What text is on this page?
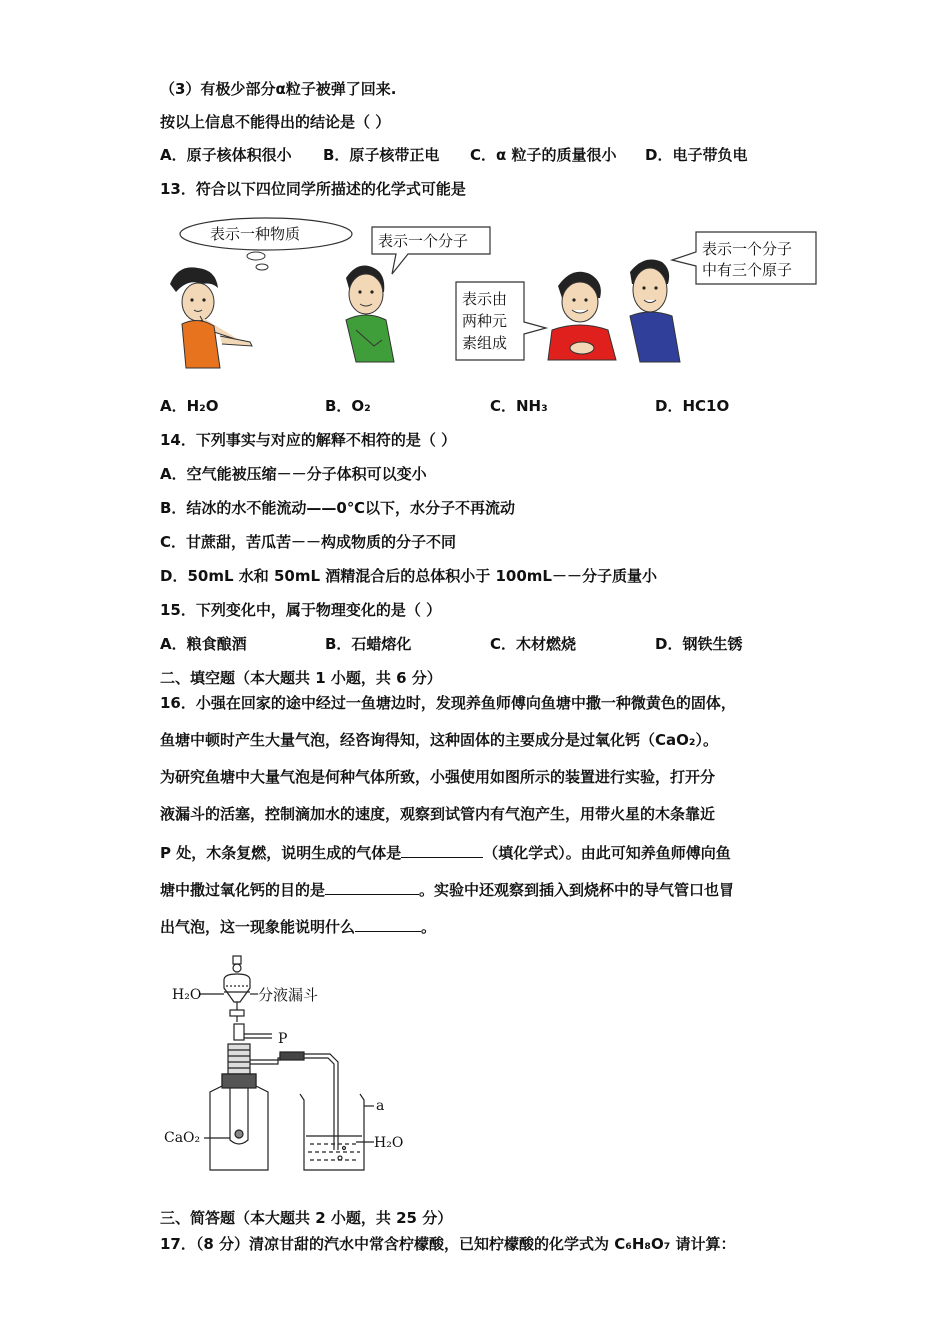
（3）有极少部分α粒子被弹了回来.
按以上信息不能得出的结论是（ ）
A．原子核体积很小 B．原子核带正电 C．α 粒子的质量很小 D．电子带负电
13．符合以下四位同学所描述的化学式可能是
表示一种物质	表示一个分子
表示由
两种元
素组成
表示一个分子
中有三个原子
A．H₂O	B．O₂	C．NH₃	D．HC1O
14．下列事实与对应的解释不相符的是（ ）
A．空气能被压缩－－分子体积可以变小
B．结冰的水不能流动——0℃以下，水分子不再流动
C．甘蔗甜，苦瓜苦－－构成物质的分子不同
D．50mL 水和 50mL 酒精混合后的总体积小于 100mL－－分子质量小
15．下列变化中，属于物理变化的是（ ）
A．粮食酿酒	B．石蜡熔化	C．木材燃烧	D．钢铁生锈
二、填空题（本大题共 1 小题，共 6 分）
16．小强在回家的途中经过一鱼塘边时，发现养鱼师傅向鱼塘中撒一种微黄色的固体，
鱼塘中顿时产生大量气泡，经咨询得知，这种固体的主要成分是过氧化钙（CaO₂）。
为研究鱼塘中大量气泡是何种气体所致，小强使用如图所示的装置进行实验，打开分
液漏斗的活塞，控制滴加水的速度，观察到试管内有气泡产生，用带火星的木条靠近
P 处，木条复燃，说明生成的气体是	（填化学式）。由此可知养鱼师傅向鱼
塘中撒过氧化钙的目的是	。实验中还观察到插入到烧杯中的导气管口也冒
出气泡，这一现象能说明什么	。
H₂O	分液漏斗
P
a
CaO₂	H₂O
三、简答题（本大题共 2 小题，共 25 分）
17．（8 分）清凉甘甜的汽水中常含柠檬酸，已知柠檬酸的化学式为 C₆H₈O₇ 请计算：
